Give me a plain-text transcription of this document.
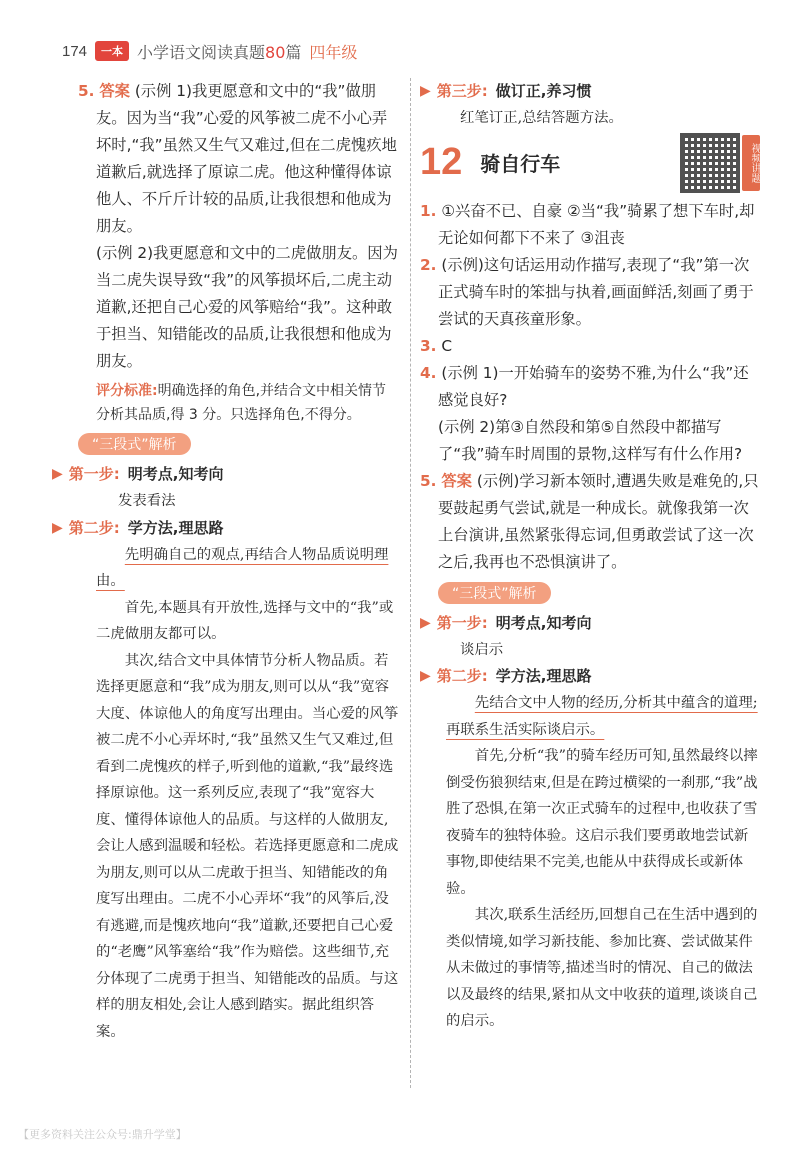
174	一本 小学语文阅读真题80篇 四年级

5. 答案 (示例 1)我更愿意和文中的“我”做朋友。因为当“我”心爱的风筝被二虎不小心弄坏时,“我”虽然又生气又难过,但在二虎愧疚地道歉后,就选择了原谅二虎。他这种懂得体谅他人、不斤斤计较的品质,让我很想和他成为朋友。

(示例 2)我更愿意和文中的二虎做朋友。因为当二虎失误导致“我”的风筝损坏后,二虎主动道歉,还把自己心爱的风筝赔给“我”。这种敢于担当、知错能改的品质,让我很想和他成为朋友。

评分标准:明确选择的角色,并结合文中相关情节分析其品质,得 3 分。只选择角色,不得分。

“三段式”解析
▶ 第一步: 明考点,知考向

发表看法

▶ 第二步: 学方法,理思路

先明确自己的观点,再结合人物品质说明理由。

首先,本题具有开放性,选择与文中的“我”或二虎做朋友都可以。

其次,结合文中具体情节分析人物品质。若选择更愿意和“我”成为朋友,则可以从“我”宽容大度、体谅他人的角度写出理由。当心爱的风筝被二虎不小心弄坏时,“我”虽然又生气又难过,但看到二虎愧疚的样子,听到他的道歉,“我”最终选择原谅他。这一系列反应,表现了“我”宽容大度、懂得体谅他人的品质。与这样的人做朋友,会让人感到温暖和轻松。若选择更愿意和二虎成为朋友,则可以从二虎敢于担当、知错能改的角度写出理由。二虎不小心弄坏“我”的风筝后,没有逃避,而是愧疚地向“我”道歉,还要把自己心爱的“老鹰”风筝塞给“我”作为赔偿。这些细节,充分体现了二虎勇于担当、知错能改的品质。与这样的朋友相处,会让人感到踏实。据此组织答案。

▶ 第三步: 做订正,养习惯

红笔订正,总结答题方法。

12 骑自行车	视频讲题

1. ①兴奋不已、自豪 ②当“我”骑累了想下车时,却无论如何都下不来了 ③沮丧

2. (示例)这句话运用动作描写,表现了“我”第一次正式骑车时的笨拙与执着,画面鲜活,刻画了勇于尝试的天真孩童形象。

3. C

4. (示例 1)一开始骑车的姿势不雅,为什么“我”还感觉良好?

(示例 2)第③自然段和第⑤自然段中都描写了“我”骑车时周围的景物,这样写有什么作用?

5. 答案 (示例)学习新本领时,遭遇失败是难免的,只要鼓起勇气尝试,就是一种成长。就像我第一次上台演讲,虽然紧张得忘词,但勇敢尝试了这一次之后,我再也不恐惧演讲了。

“三段式”解析
▶ 第一步: 明考点,知考向

谈启示

▶ 第二步: 学方法,理思路

先结合文中人物的经历,分析其中蕴含的道理;再联系生活实际谈启示。

首先,分析“我”的骑车经历可知,虽然最终以摔倒受伤狼狈结束,但是在跨过横梁的一刹那,“我”战胜了恐惧,在第一次正式骑车的过程中,也收获了雪夜骑车的独特体验。这启示我们要勇敢地尝试新事物,即使结果不完美,也能从中获得成长或新体验。

其次,联系生活经历,回想自己在生活中遇到的类似情境,如学习新技能、参加比赛、尝试做某件从未做过的事情等,描述当时的情况、自己的做法以及最终的结果,紧扣从文中收获的道理,谈谈自己的启示。

【更多资料关注公众号:鼎升学堂】
